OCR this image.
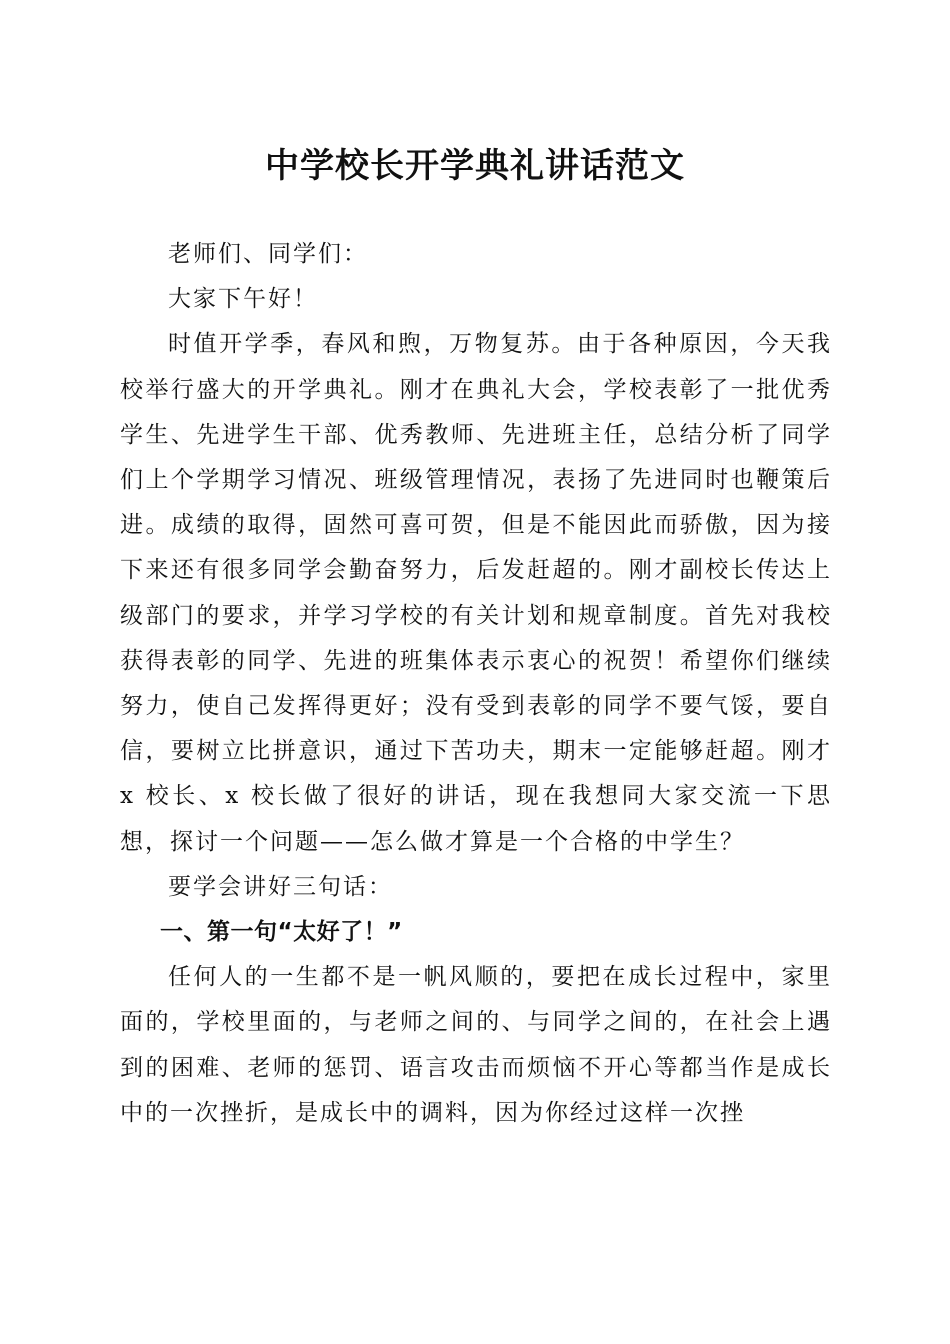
中学校长开学典礼讲话范文

老师们、同学们：

大家下午好！

时值开学季，春风和煦，万物复苏。由于各种原因，今天我校举行盛大的开学典礼。刚才在典礼大会，学校表彰了一批优秀学生、先进学生干部、优秀教师、先进班主任，总结分析了同学们上个学期学习情况、班级管理情况，表扬了先进同时也鞭策后进。成绩的取得，固然可喜可贺，但是不能因此而骄傲，因为接下来还有很多同学会勤奋努力，后发赶超的。刚才副校长传达上级部门的要求，并学习学校的有关计划和规章制度。首先对我校获得表彰的同学、先进的班集体表示衷心的祝贺！希望你们继续努力，使自己发挥得更好；没有受到表彰的同学不要气馁，要自信，要树立比拼意识，通过下苦功夫，期末一定能够赶超。刚才 x 校长、x 校长做了很好的讲话，现在我想同大家交流一下思想，探讨一个问题——怎么做才算是一个合格的中学生？

要学会讲好三句话：

一、第一句“太好了！”

任何人的一生都不是一帆风顺的，要把在成长过程中，家里面的，学校里面的，与老师之间的、与同学之间的，在社会上遇到的困难、老师的惩罚、语言攻击而烦恼不开心等都当作是成长中的一次挫折，是成长中的调料，因为你经过这样一次挫
